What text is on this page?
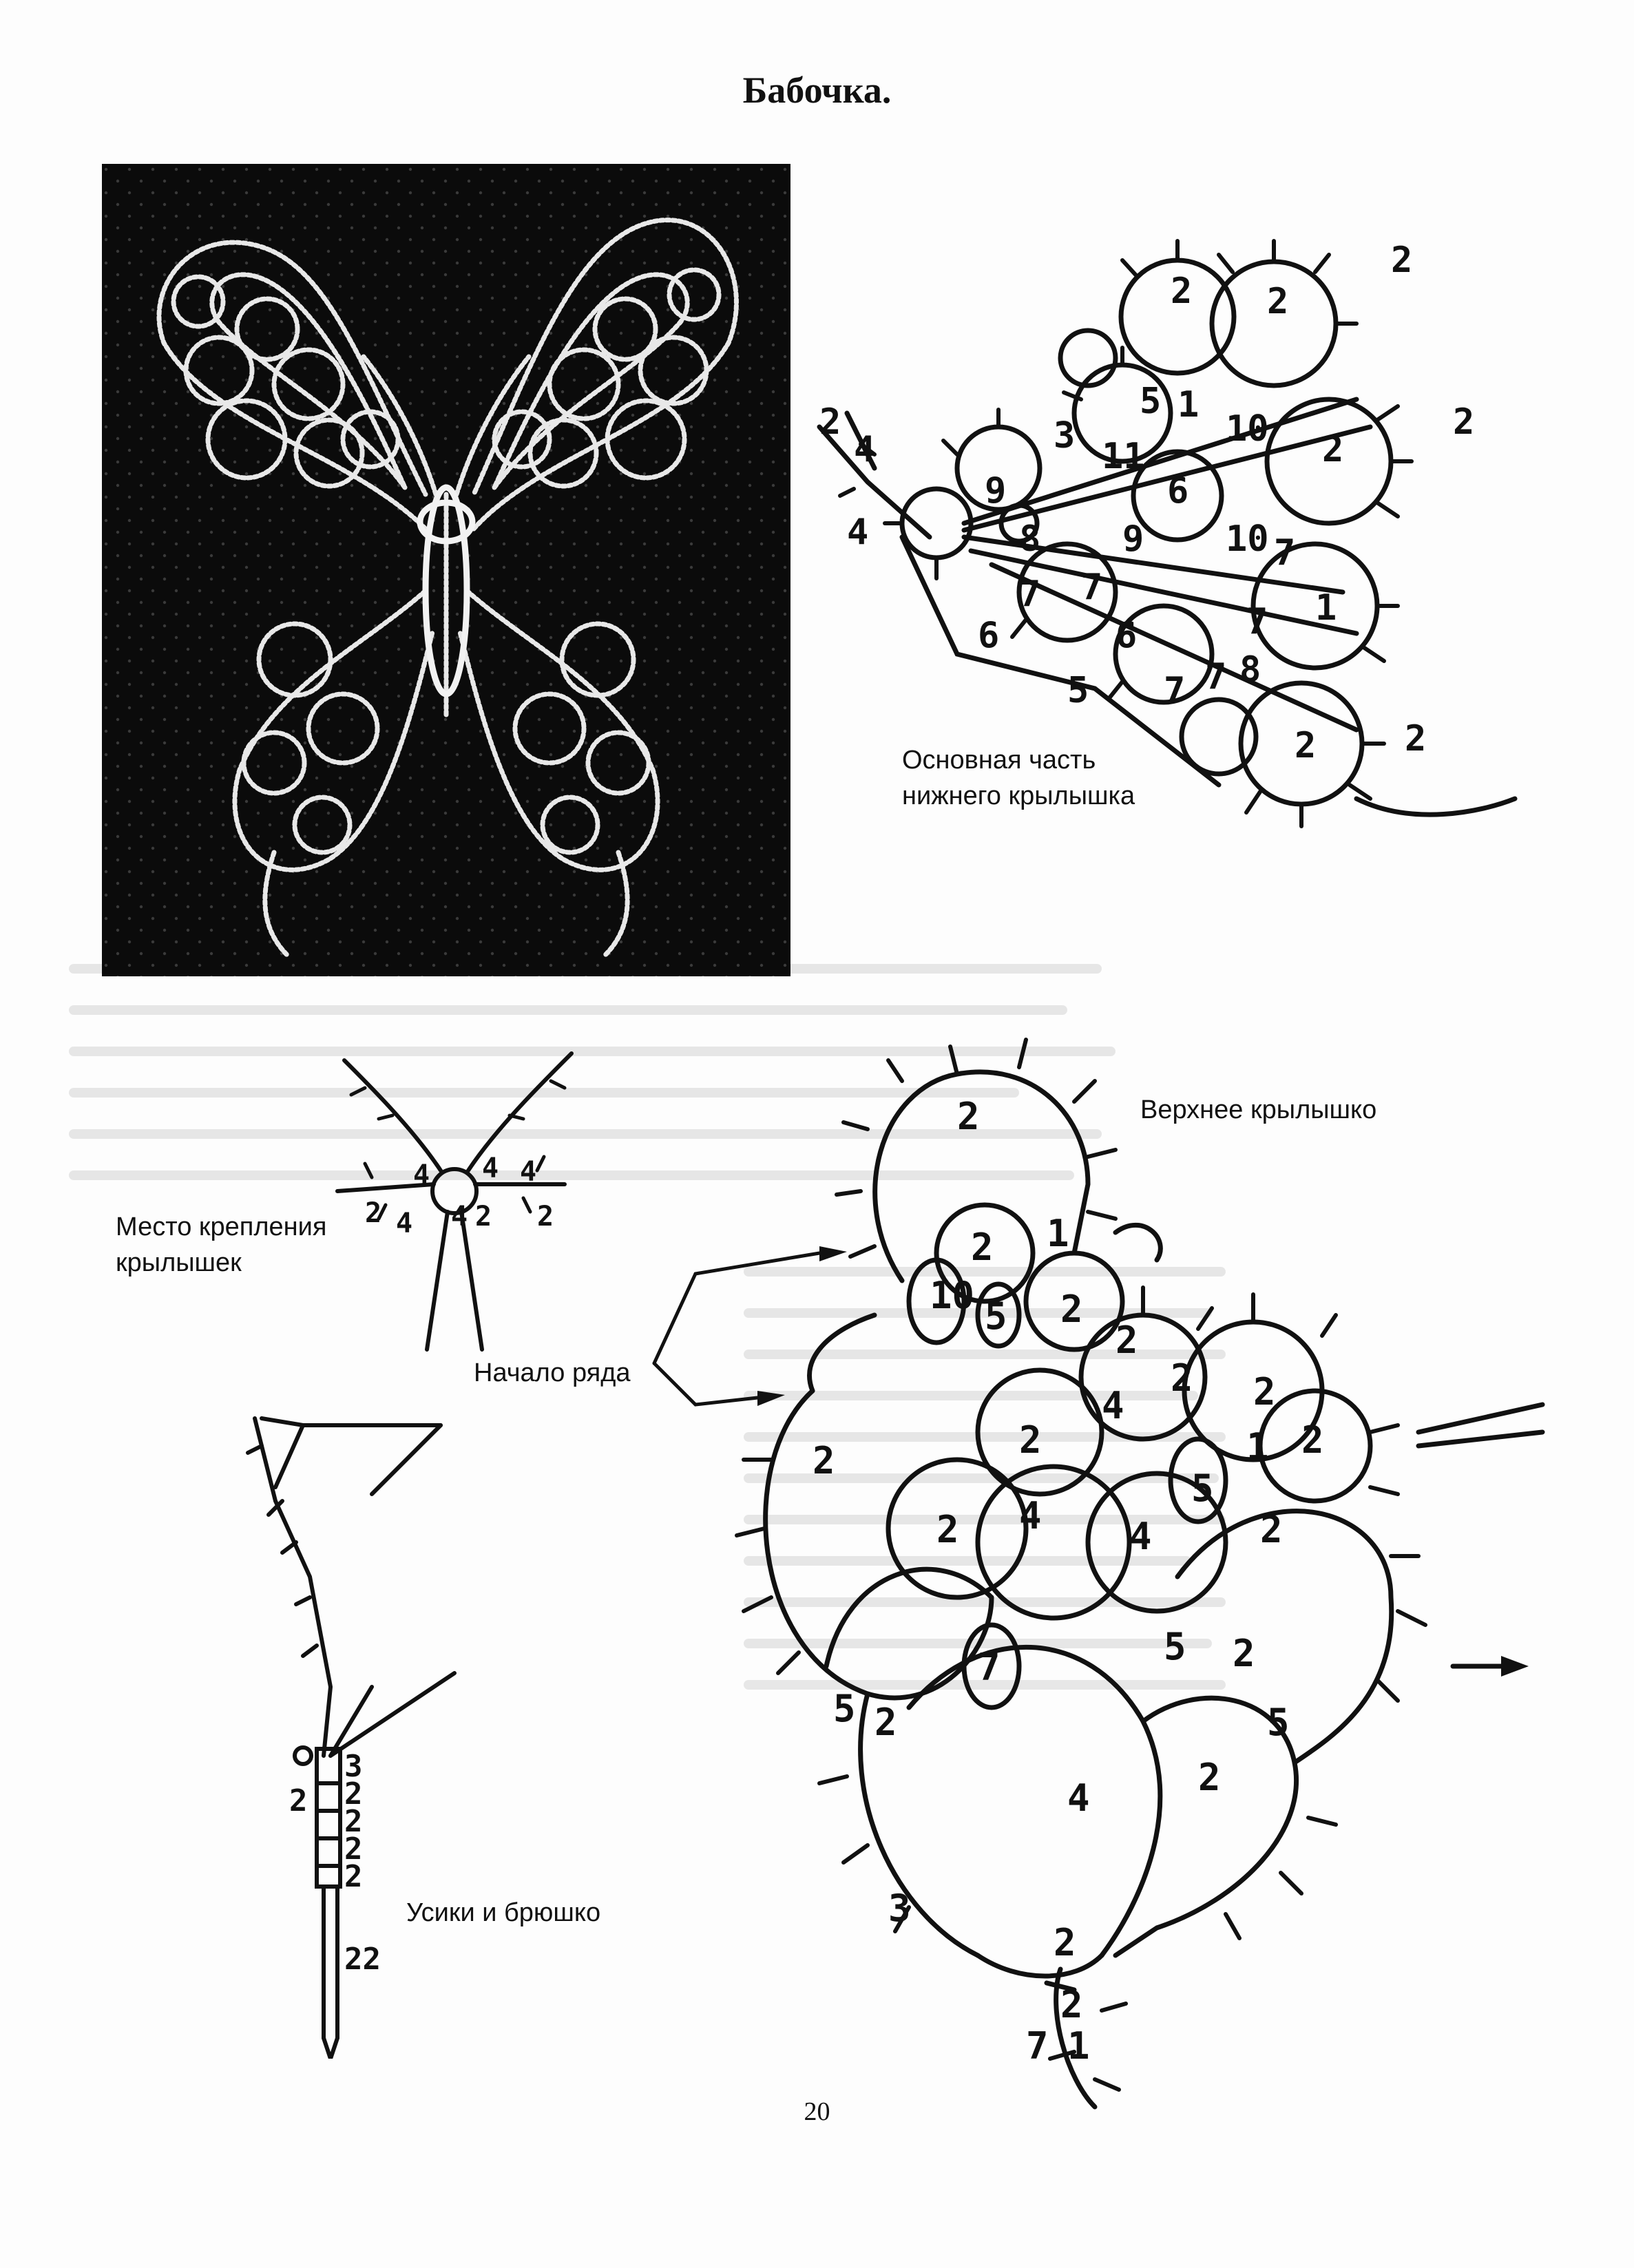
Бабочка.
2 2
2
5 1
10 2
2
3 11
6
2
4
4
9
8 9 10 7
1
7 7
7
6	6
7 7 8
5
2 2
Основная часть
нижнего крылышка
2 4
4
4 2
4 4
2
Место крепления
крылышек
Начало ряда
2
2 1
10 5 2
2
2 2
4
2	1 2
5
2
4
2	4	2
7	2
2
4
5
5
2	5
3
2
2
7 1
Верхнее крылышко
3
2 2
2
2
2
22
Усики и брюшко
20
